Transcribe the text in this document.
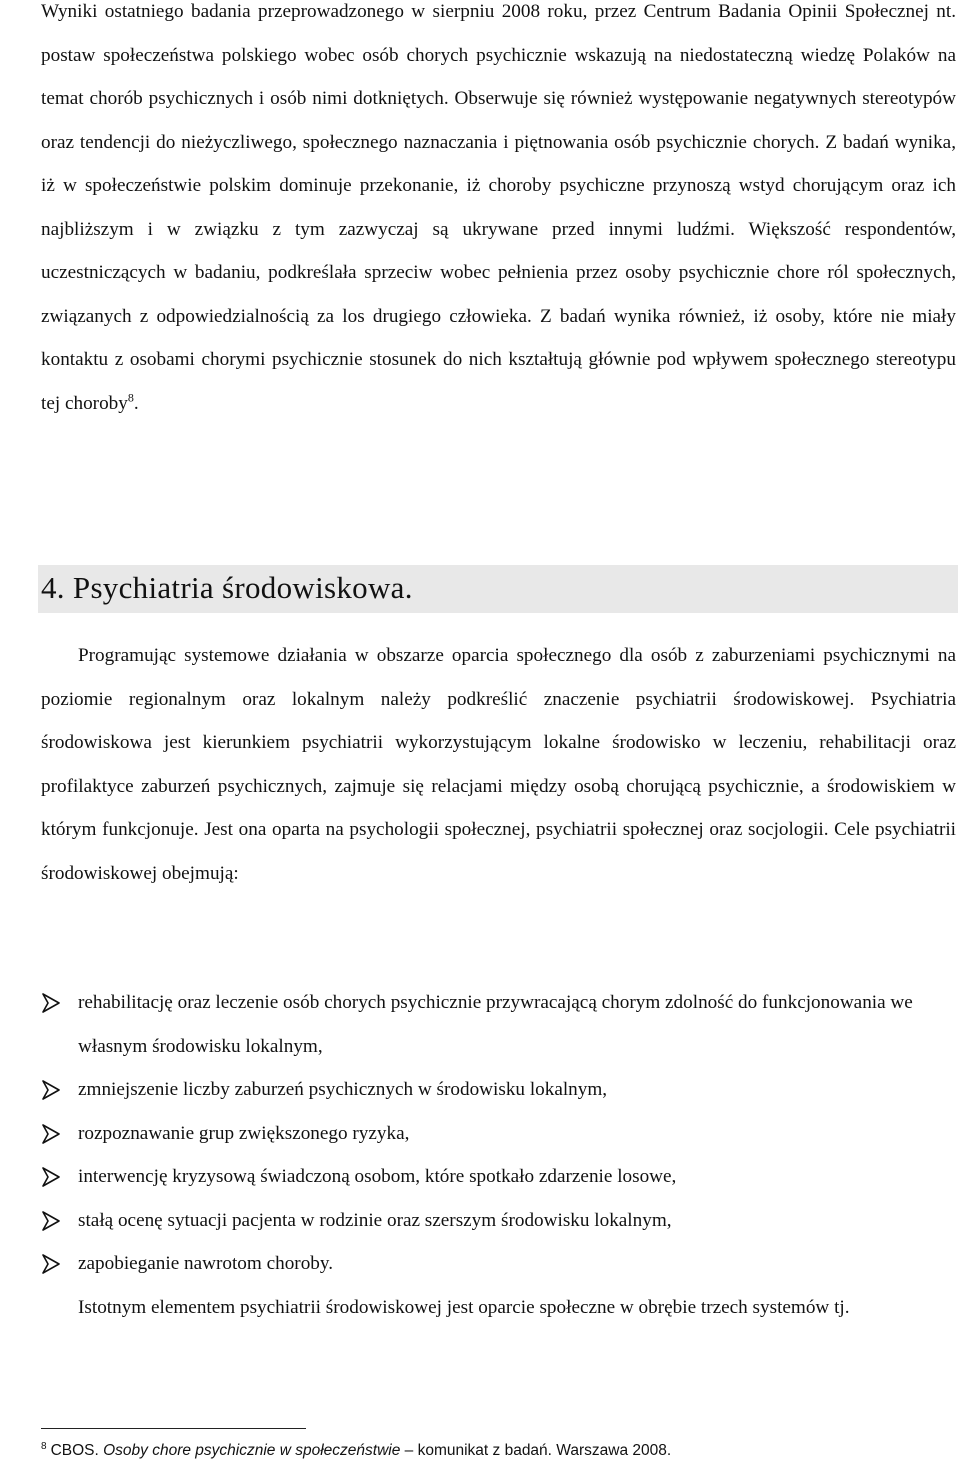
Wyniki ostatniego badania przeprowadzonego w sierpniu 2008 roku, przez Centrum Badania Opinii Społecznej nt. postaw społeczeństwa polskiego wobec osób chorych psychicznie wskazują na niedostateczną wiedzę Polaków na temat chorób psychicznych i osób nimi dotkniętych. Obserwuje się również występowanie negatywnych stereotypów oraz tendencji do nieżyczliwego, społecznego naznaczania i piętnowania osób psychicznie chorych. Z badań wynika, iż w społeczeństwie polskim dominuje przekonanie, iż choroby psychiczne przynoszą wstyd chorującym oraz ich najbliższym i w związku z tym zazwyczaj są ukrywane przed innymi ludźmi. Większość respondentów, uczestniczących w badaniu, podkreślała sprzeciw wobec pełnienia przez osoby psychicznie chore ról społecznych, związanych z odpowiedzialnością za los drugiego człowieka. Z badań wynika również, iż osoby, które nie miały kontaktu z osobami chorymi psychicznie stosunek do nich kształtują głównie pod wpływem społecznego stereotypu tej choroby$^8$.

4. Psychiatria środowiskowa.

Programując systemowe działania w obszarze oparcia społecznego dla osób z zaburzeniami psychicznymi na poziomie regionalnym oraz lokalnym należy podkreślić znaczenie psychiatrii środowiskowej. Psychiatria środowiskowa jest kierunkiem psychiatrii wykorzystującym lokalne środowisko w leczeniu, rehabilitacji oraz profilaktyce zaburzeń psychicznych, zajmuje się relacjami między osobą chorującą psychicznie, a środowiskiem w którym funkcjonuje. Jest ona oparta na psychologii społecznej, psychiatrii społecznej oraz socjologii. Cele psychiatrii środowiskowej obejmują:

rehabilitację oraz leczenie osób chorych psychicznie przywracającą chorym zdolność do funkcjonowania we własnym środowisku lokalnym,
zmniejszenie liczby zaburzeń psychicznych w środowisku lokalnym,
rozpoznawanie grup zwiększonego ryzyka,
interwencję kryzysową świadczoną osobom, które spotkało zdarzenie losowe,
stałą ocenę sytuacji pacjenta w rodzinie oraz szerszym środowisku lokalnym,
zapobieganie nawrotom choroby.

Istotnym elementem psychiatrii środowiskowej jest oparcie społeczne w obrębie trzech systemów tj.

$^8$ CBOS. Osoby chore psychicznie w społeczeństwie – komunikat z badań. Warszawa 2008.
